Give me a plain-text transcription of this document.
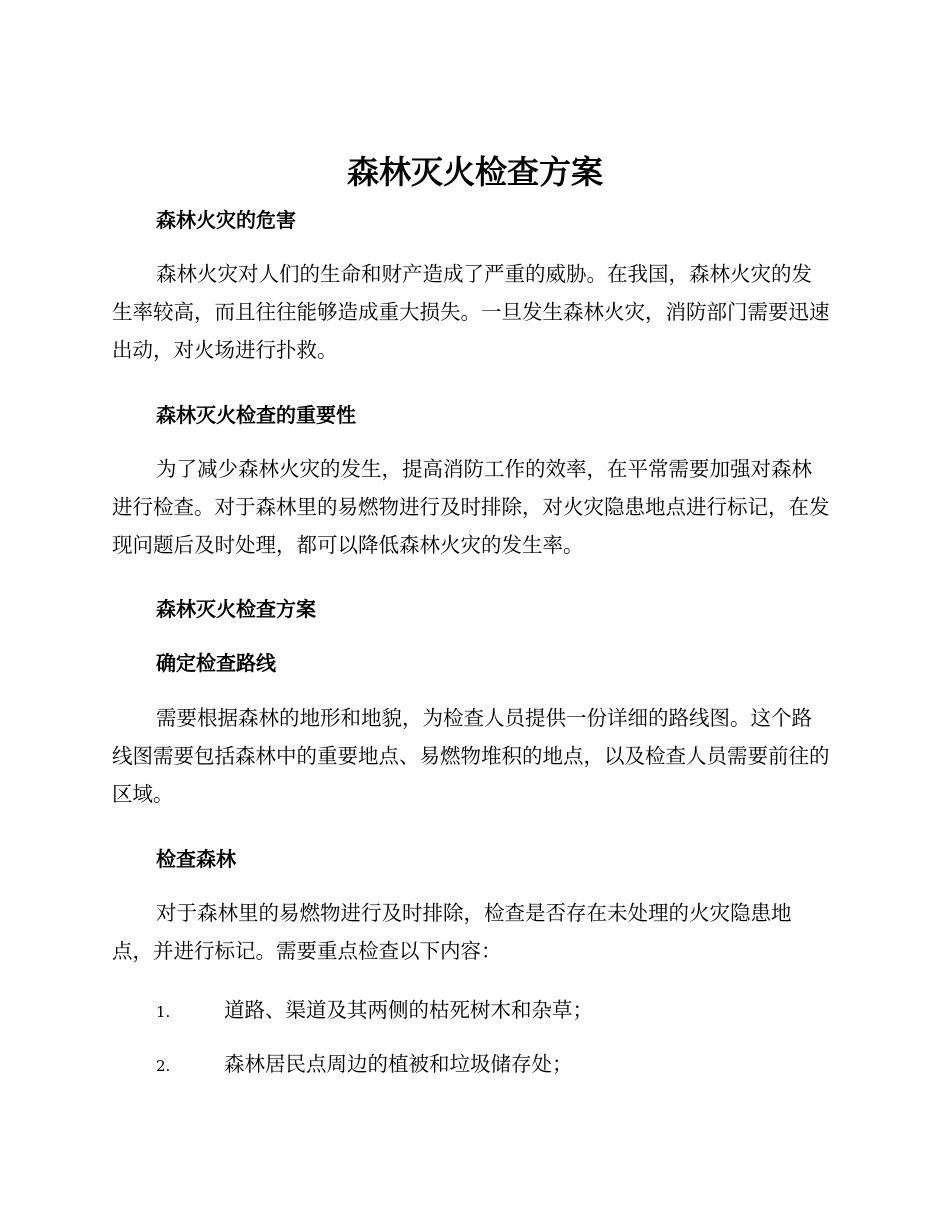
森林灭火检查方案
森林火灾的危害

森林火灾对人们的生命和财产造成了严重的威胁。在我国，森林火灾的发生率较高，而且往往能够造成重大损失。一旦发生森林火灾，消防部门需要迅速出动，对火场进行扑救。

森林灭火检查的重要性

为了减少森林火灾的发生，提高消防工作的效率，在平常需要加强对森林进行检查。对于森林里的易燃物进行及时排除，对火灾隐患地点进行标记，在发现问题后及时处理，都可以降低森林火灾的发生率。

森林灭火检查方案
确定检查路线

需要根据森林的地形和地貌，为检查人员提供一份详细的路线图。这个路线图需要包括森林中的重要地点、易燃物堆积的地点，以及检查人员需要前往的区域。

检查森林

对于森林里的易燃物进行及时排除，检查是否存在未处理的火灾隐患地点，并进行标记。需要重点检查以下内容：

1.	道路、渠道及其两侧的枯死树木和杂草；
2.	森林居民点周边的植被和垃圾储存处；
